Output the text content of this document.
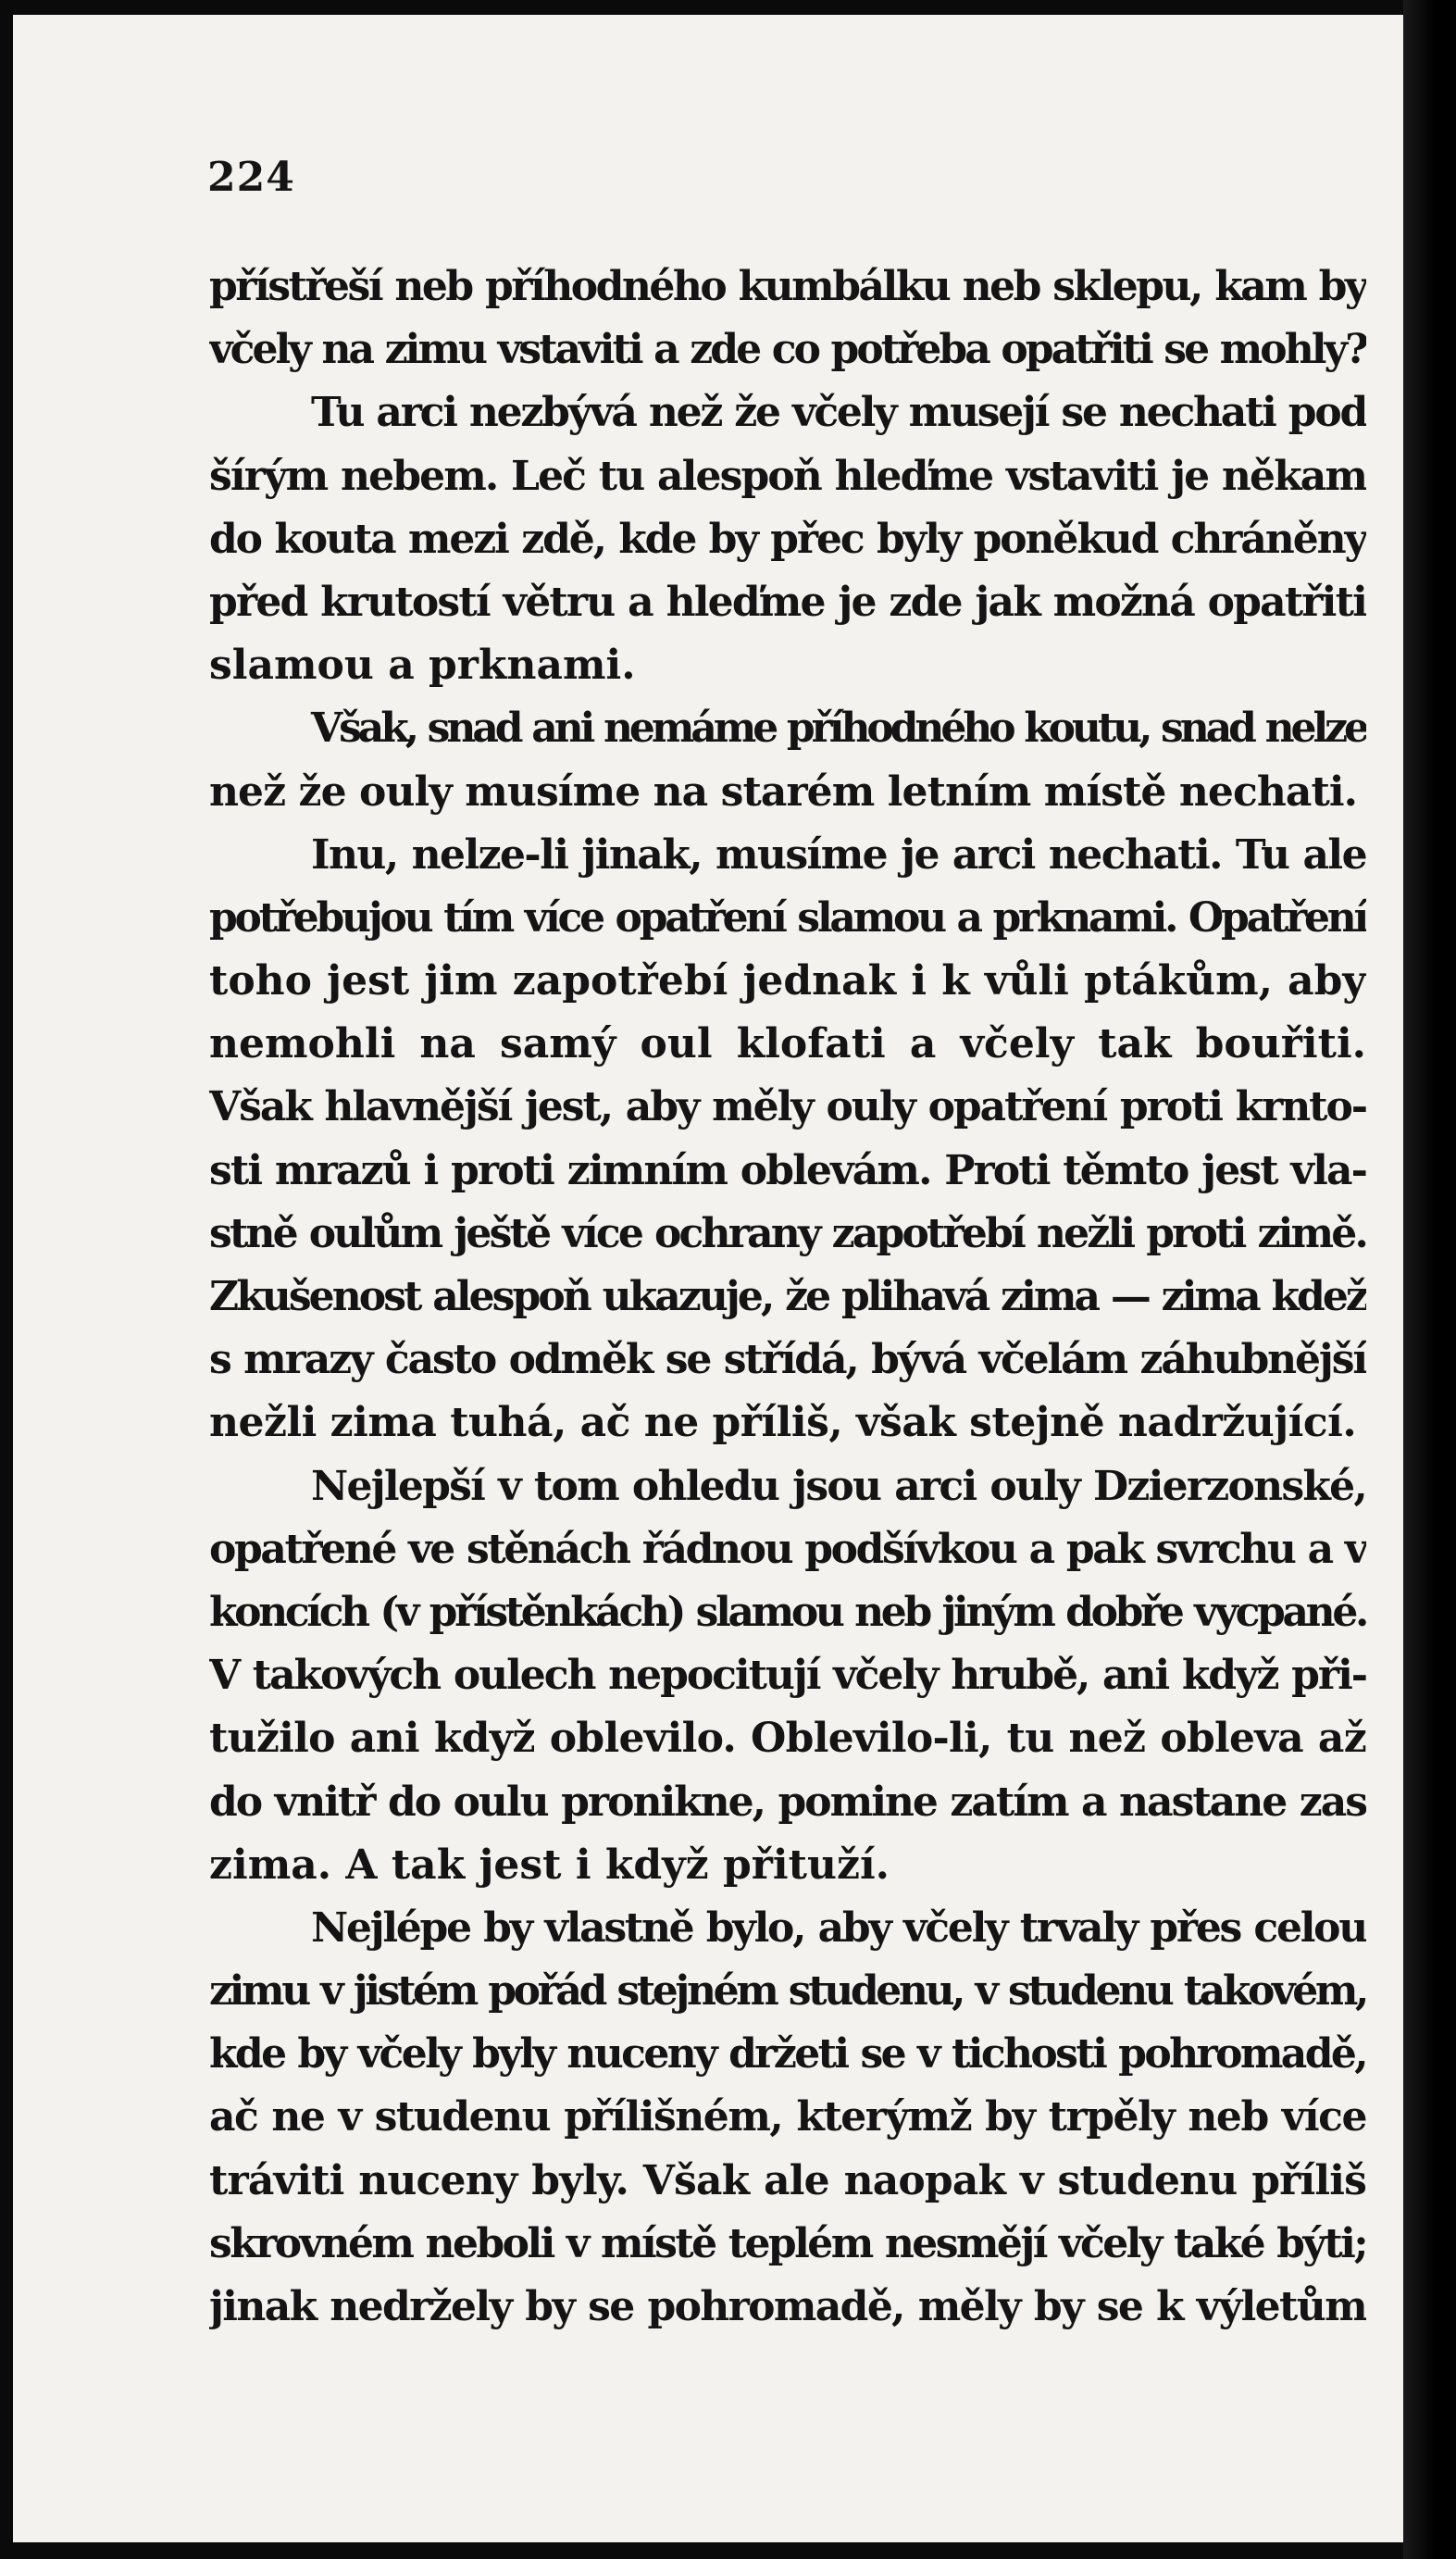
224
přístřeší neb příhodného kumbálku neb sklepu, kam by
včely na zimu vstaviti a zde co potřeba opatřiti se mohly?
Tu arci nezbývá než že včely musejí se nechati pod
šírým nebem. Leč tu alespoň hleďme vstaviti je někam
do kouta mezi zdě, kde by přec byly poněkud chráněny
před krutostí větru a hleďme je zde jak možná opatřiti
slamou a prknami.
Však, snad ani nemáme příhodného koutu, snad nelze
než že ouly musíme na starém letním místě nechati.
Inu, nelze-li jinak, musíme je arci nechati. Tu ale
potřebujou tím více opatření slamou a prknami. Opatření
toho jest jim zapotřebí jednak i k vůli ptákům, aby
nemohli na samý oul klofati a včely tak bouřiti.
Však hlavnější jest, aby měly ouly opatření proti krnto-
sti mrazů i proti zimním oblevám. Proti těmto jest vla-
stně oulům ještě více ochrany zapotřebí nežli proti zimě.
Zkušenost alespoň ukazuje, že plihavá zima — zima kdež
s mrazy často odměk se střídá, bývá včelám záhubnější
nežli zima tuhá, ač ne příliš, však stejně nadržující.
Nejlepší v tom ohledu jsou arci ouly Dzierzonské,
opatřené ve stěnách řádnou podšívkou a pak svrchu a v
koncích (v přístěnkách) slamou neb jiným dobře vycpané.
V takových oulech nepocitují včely hrubě, ani když při-
tužilo ani když oblevilo. Oblevilo-li, tu než obleva až
do vnitř do oulu pronikne, pomine zatím a nastane zas
zima. A tak jest i když přituží.
Nejlépe by vlastně bylo, aby včely trvaly přes celou
zimu v jistém pořád stejném studenu, v studenu takovém,
kde by včely byly nuceny držeti se v tichosti pohromadě,
ač ne v studenu přílišném, kterýmž by trpěly neb více
tráviti nuceny byly. Však ale naopak v studenu příliš
skrovném neboli v místě teplém nesmějí včely také býti;
jinak nedržely by se pohromadě, měly by se k výletům
